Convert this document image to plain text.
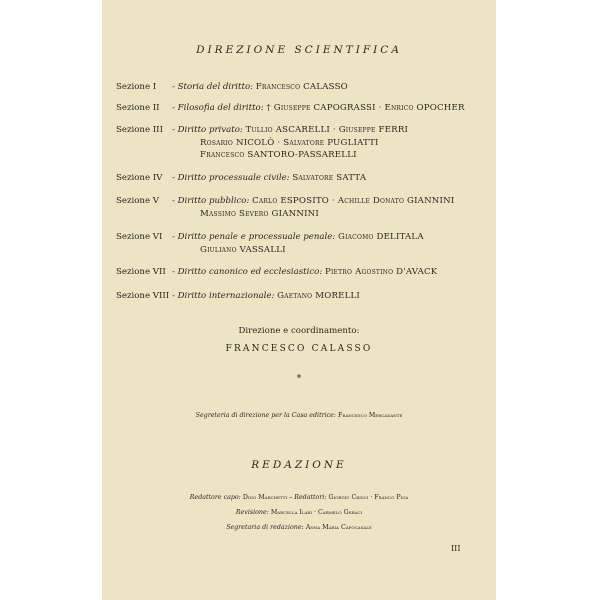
DIREZIONE SCIENTIFICA
Sezione I - Storia del diritto: Francesco CALASSO
Sezione II - Filosofia del diritto: † Giuseppe CAPOGRASSI · Enrico OPOCHER
Sezione III - Diritto privato: Tullio ASCARELLI · Giuseppe FERRI
Rosario NICOLÒ · Salvatore PUGLIATTI
Francesco SANTORO-PASSARELLI
Sezione IV - Diritto processuale civile: Salvatore SATTA
Sezione V - Diritto pubblico: Carlo ESPOSITO · Achille Donato GIANNINI
Massimo Severo GIANNINI
Sezione VI - Diritto penale e processuale penale: Giacomo DELITALA
Giuliano VASSALLI
Sezione VII - Diritto canonico ed ecclesiastico: Pietro Agostino D'AVACK
Sezione VIII - Diritto internazionale: Gaetano MORELLI
Direzione e coordinamento:
FRANCESCO CALASSO
*
Segreteria di direzione per la Casa editrice: Francesco Mercadante
REDAZIONE
Redattore capo: Dino Marchetti – Redattori: Giorgio Crisci · Franco Piga
Revisione: Marcella Ilari · Carmelo Geraci
Segretaria di redazione: Anna Maria Capocasale
III
